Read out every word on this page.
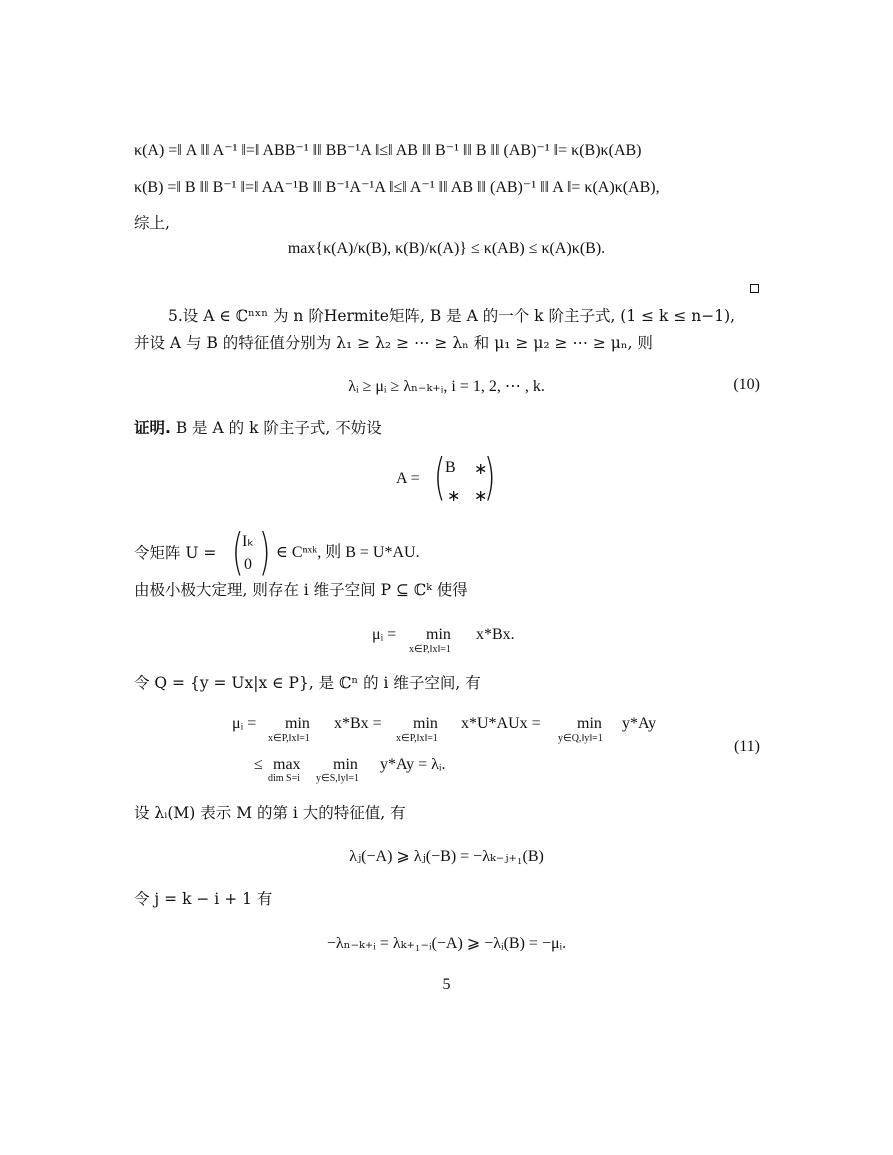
κ(A) =‖ A ‖‖ A⁻¹ ‖=‖ ABB⁻¹ ‖‖ BB⁻¹A ‖≤‖ AB ‖‖ B⁻¹ ‖‖ B ‖‖ (AB)⁻¹ ‖= κ(B)κ(AB)
κ(B) =‖ B ‖‖ B⁻¹ ‖=‖ AA⁻¹B ‖‖ B⁻¹A⁻¹A ‖≤‖ A⁻¹ ‖‖ AB ‖‖ (AB)⁻¹ ‖‖ A ‖= κ(A)κ(AB),
综上,
max{κ(A)/κ(B), κ(B)/κ(A)} ≤ κ(AB) ≤ κ(A)κ(B).
5.设 A ∈ ℂⁿˣⁿ 为 n 阶Hermite矩阵, B 是 A 的一个 k 阶主子式, (1 ≤ k ≤ n−1),
并设 A 与 B 的特征值分别为 λ₁ ≥ λ₂ ≥ ⋯ ≥ λₙ 和 μ₁ ≥ μ₂ ≥ ⋯ ≥ μₙ, 则
λᵢ ≥ μᵢ ≥ λₙ₋ₖ₊ᵢ, i = 1, 2, ⋯ , k.	(10)
证明. B 是 A 的 k 阶主子式, 不妨设
A = ( B ∗
∗ ∗
)
令矩阵 U = (
Iₖ
0 ) ∈ Cⁿˣᵏ, 则 B = U*AU.
由极小极大定理, 则存在 i 维子空间 P ⊆ ℂᵏ 使得
μᵢ = min
x∈P,‖x‖=1
x*Bx.
令 Q = {y = Ux|x ∈ P}, 是 ℂⁿ 的 i 维子空间, 有
μᵢ = min
x∈P,‖x‖=1
x*Bx = min
x∈P,‖x‖=1
x*U*AUx = min
y∈Q,‖y‖=1
y*Ay
≤ max
dim S=i
min
y∈S,‖y‖=1
y*Ay = λᵢ.
(11)
设 λᵢ(M) 表示 M 的第 i 大的特征值, 有
λⱼ(−A) ⩾ λⱼ(−B) = −λₖ₋ⱼ₊₁(B)
令 j = k − i + 1 有
−λₙ₋ₖ₊ᵢ = λₖ₊₁₋ᵢ(−A) ⩾ −λᵢ(B) = −μᵢ.
5
